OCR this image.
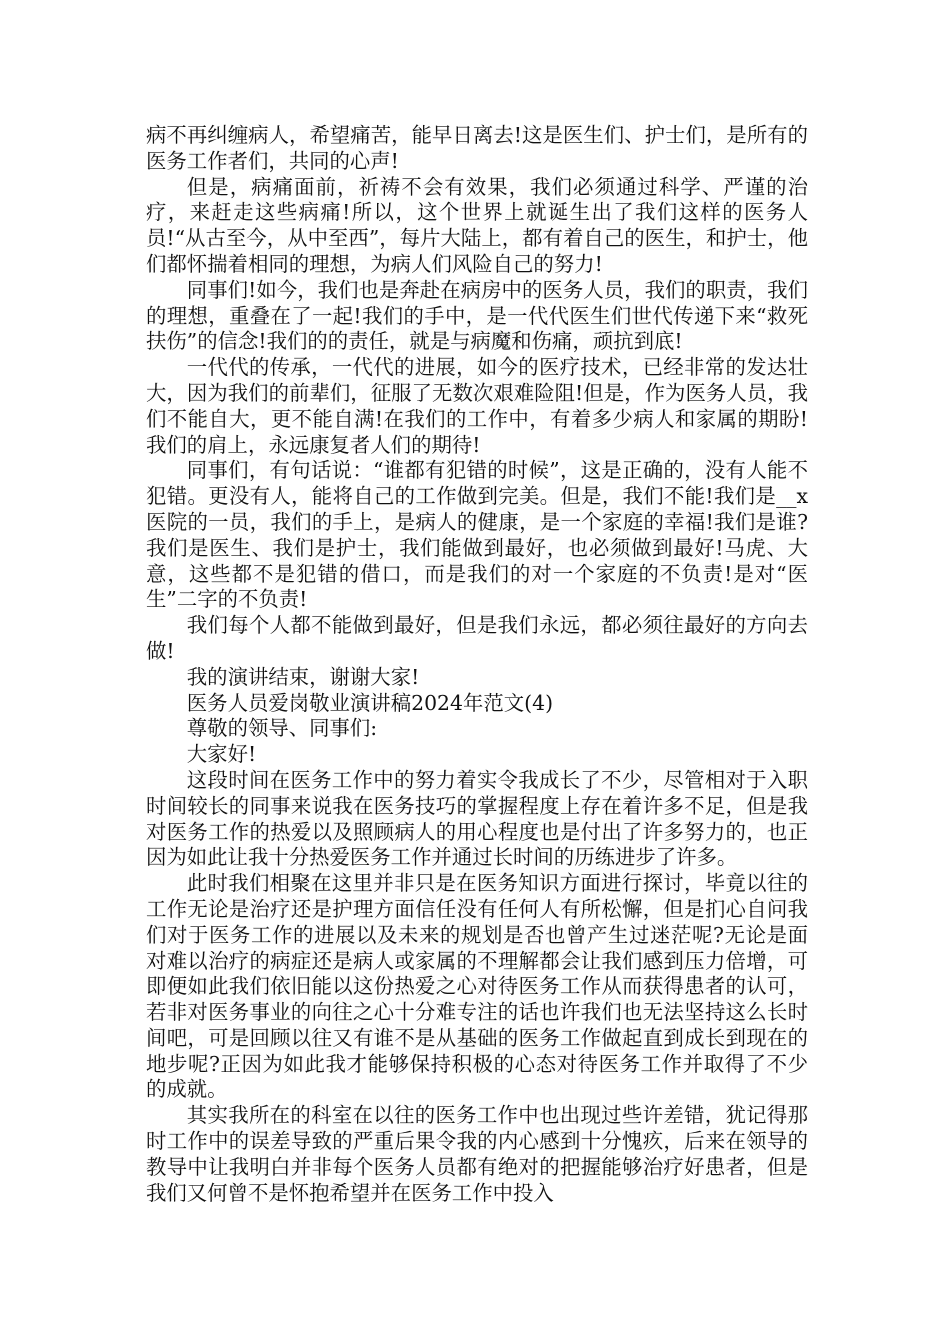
病不再纠缠病人，希望痛苦，能早日离去!这是医生们、护士们，是所有的医务工作者们，共同的心声!

但是，病痛面前，祈祷不会有效果，我们必须通过科学、严谨的治疗，来赶走这些病痛!所以，这个世界上就诞生出了我们这样的医务人员!“从古至今，从中至西”，每片大陆上，都有着自己的医生，和护士，他们都怀揣着相同的理想，为病人们风险自己的努力!

同事们!如今，我们也是奔赴在病房中的医务人员，我们的职责，我们的理想，重叠在了一起!我们的手中，是一代代医生们世代传递下来“救死扶伤”的信念!我们的的责任，就是与病魔和伤痛，顽抗到底!

一代代的传承，一代代的进展，如今的医疗技术，已经非常的发达壮大，因为我们的前辈们，征服了无数次艰难险阻!但是，作为医务人员，我们不能自大，更不能自满!在我们的工作中，有着多少病人和家属的期盼!我们的肩上，永远康复者人们的期待!

同事们，有句话说：“谁都有犯错的时候”，这是正确的，没有人能不犯错。更没有人，能将自己的工作做到完美。但是，我们不能!我们是__x医院的一员，我们的手上，是病人的健康，是一个家庭的幸福!我们是谁?我们是医生、我们是护士，我们能做到最好，也必须做到最好!马虎、大意，这些都不是犯错的借口，而是我们的对一个家庭的不负责!是对“医生”二字的不负责!

我们每个人都不能做到最好，但是我们永远，都必须往最好的方向去做!

我的演讲结束，谢谢大家!

医务人员爱岗敬业演讲稿2024年范文(4)

尊敬的领导、同事们:

大家好!

这段时间在医务工作中的努力着实令我成长了不少，尽管相对于入职时间较长的同事来说我在医务技巧的掌握程度上存在着许多不足，但是我对医务工作的热爱以及照顾病人的用心程度也是付出了许多努力的，也正因为如此让我十分热爱医务工作并通过长时间的历练进步了许多。

此时我们相聚在这里并非只是在医务知识方面进行探讨，毕竟以往的工作无论是治疗还是护理方面信任没有任何人有所松懈，但是扪心自问我们对于医务工作的进展以及未来的规划是否也曾产生过迷茫呢?无论是面对难以治疗的病症还是病人或家属的不理解都会让我们感到压力倍增，可即便如此我们依旧能以这份热爱之心对待医务工作从而获得患者的认可，若非对医务事业的向往之心十分难专注的话也许我们也无法坚持这么长时间吧，可是回顾以往又有谁不是从基础的医务工作做起直到成长到现在的地步呢?正因为如此我才能够保持积极的心态对待医务工作并取得了不少的成就。

其实我所在的科室在以往的医务工作中也出现过些许差错，犹记得那时工作中的误差导致的严重后果令我的内心感到十分愧疚，后来在领导的教导中让我明白并非每个医务人员都有绝对的把握能够治疗好患者，但是我们又何曾不是怀抱希望并在医务工作中投入
